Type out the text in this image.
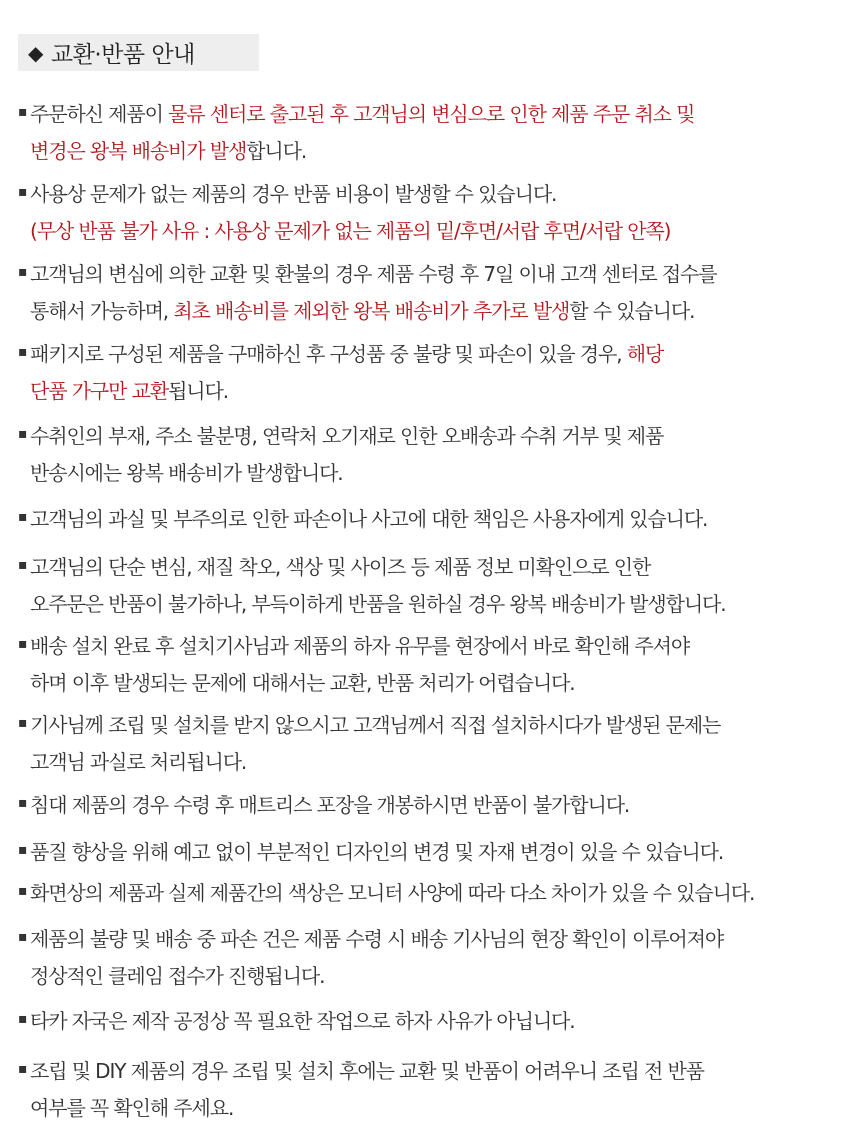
◆ 교환·반품 안내
▪ 주문하신 제품이 물류 센터로 출고된 후 고객님의 변심으로 인한 제품 주문 취소 및
변경은 왕복 배송비가 발생합니다.
▪ 사용상 문제가 없는 제품의 경우 반품 비용이 발생할 수 있습니다.
(무상 반품 불가 사유 : 사용상 문제가 없는 제품의 밑/후면/서랍 후면/서랍 안쪽)
▪ 고객님의 변심에 의한 교환 및 환불의 경우 제품 수령 후 7일 이내 고객 센터로 접수를
통해서 가능하며, 최초 배송비를 제외한 왕복 배송비가 추가로 발생할 수 있습니다.
▪ 패키지로 구성된 제품을 구매하신 후 구성품 중 불량 및 파손이 있을 경우, 해당
단품 가구만 교환됩니다.
▪ 수취인의 부재, 주소 불분명, 연락처 오기재로 인한 오배송과 수취 거부 및 제품
반송시에는 왕복 배송비가 발생합니다.
▪ 고객님의 과실 및 부주의로 인한 파손이나 사고에 대한 책임은 사용자에게 있습니다.
▪ 고객님의 단순 변심, 재질 착오, 색상 및 사이즈 등 제품 정보 미확인으로 인한
오주문은 반품이 불가하나, 부득이하게 반품을 원하실 경우 왕복 배송비가 발생합니다.
▪ 배송 설치 완료 후 설치기사님과 제품의 하자 유무를 현장에서 바로 확인해 주셔야
하며 이후 발생되는 문제에 대해서는 교환, 반품 처리가 어렵습니다.
▪ 기사님께 조립 및 설치를 받지 않으시고 고객님께서 직접 설치하시다가 발생된 문제는
고객님 과실로 처리됩니다.
▪ 침대 제품의 경우 수령 후 매트리스 포장을 개봉하시면 반품이 불가합니다.
▪ 품질 향상을 위해 예고 없이 부분적인 디자인의 변경 및 자재 변경이 있을 수 있습니다.
▪ 화면상의 제품과 실제 제품간의 색상은 모니터 사양에 따라 다소 차이가 있을 수 있습니다.
▪ 제품의 불량 및 배송 중 파손 건은 제품 수령 시 배송 기사님의 현장 확인이 이루어져야
정상적인 클레임 접수가 진행됩니다.
▪ 타카 자국은 제작 공정상 꼭 필요한 작업으로 하자 사유가 아닙니다.
▪ 조립 및 DIY 제품의 경우 조립 및 설치 후에는 교환 및 반품이 어려우니 조립 전 반품
여부를 꼭 확인해 주세요.
